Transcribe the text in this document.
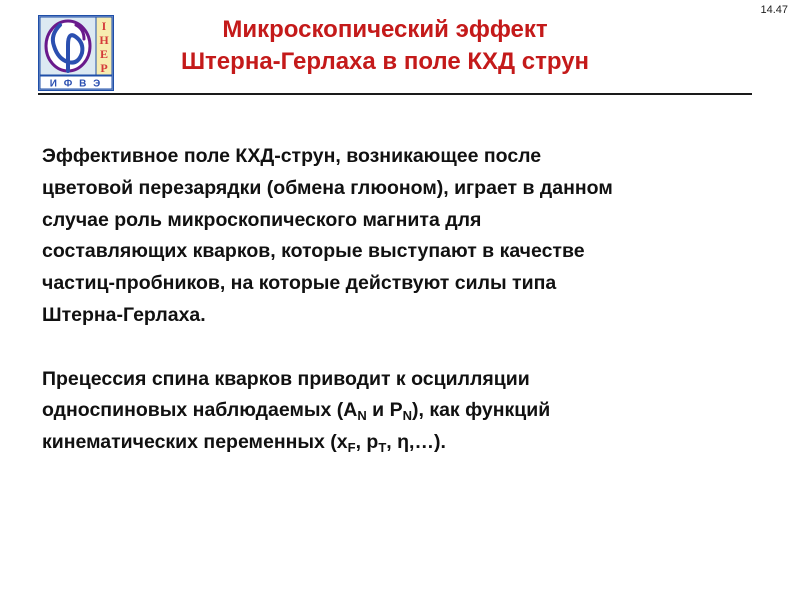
І
Н
Е
Р
И Ф В Э
14.47
Микроскопический эффект
Штерна-Герлаха в поле КХД струн
Эффективное поле КХД-струн, возникающее после
цветовой перезарядки (обмена глюоном), играет в данном
случае роль микроскопического магнита для
составляющих кварков, которые выступают в качестве
частиц-пробников, на которые действуют силы типа
Штерна-Герлаха.
Прецессия спина кварков приводит к осцилляции
односпиновых наблюдаемых ($A_N$ и $P_N$), как функций
кинематических переменных ($x_F$, $p_T$, η,…).
